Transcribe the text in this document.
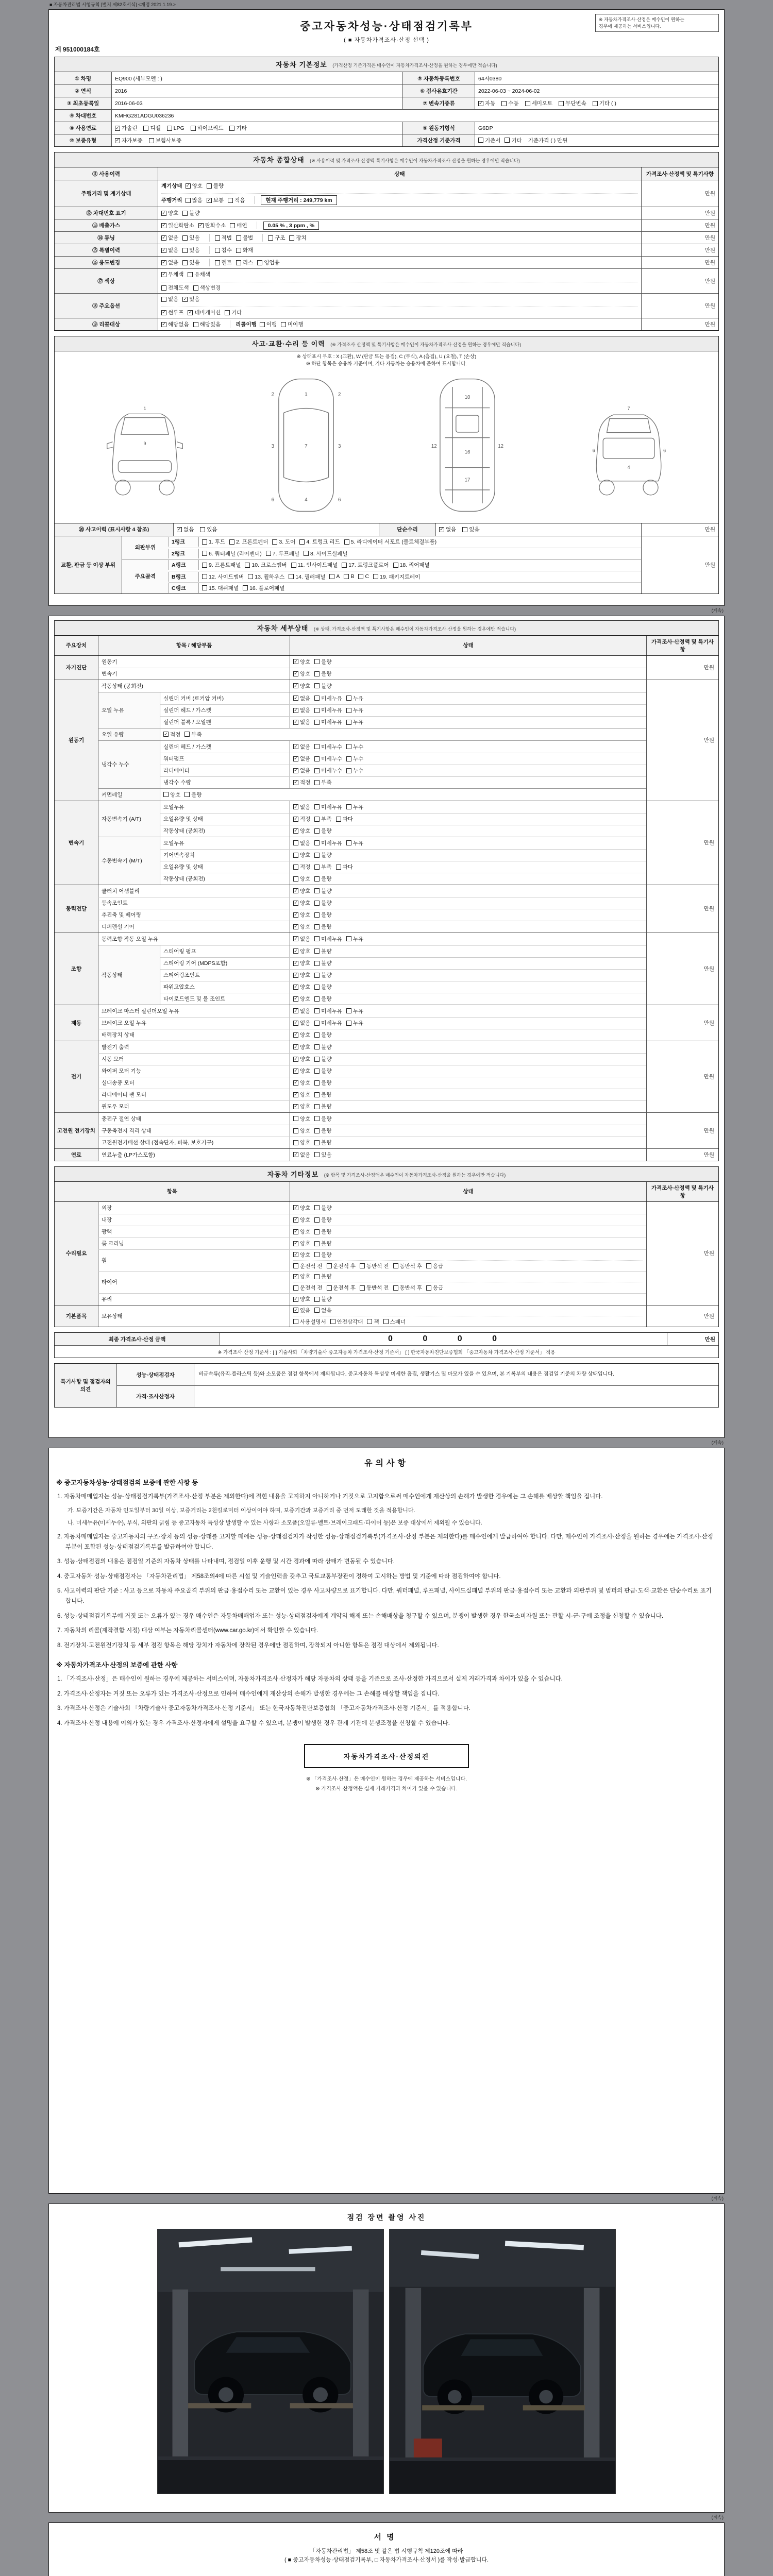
■ 자동차관리법 시행규칙 [별지 제82호서식] <개정 2021.1.19.>
중고자동차성능·상태점검기록부
( ■ 자동차가격조사·산정 선택 )
※ 자동차가격조사·산정은 매수인이 원하는
경우에 제공하는 서비스입니다.
제 951000184호
자동차 기본정보 (가격산정 기준가격은 매수인이 자동차가격조사·산정을 원하는 경우에만 적습니다)
① 차명	EQ900 (세부모델 : )	⑤ 자동차등록번호	64저0380
② 연식	2016	⑥ 검사유효기간	2022-06-03 ~ 2024-06-02
③ 최초등록일	2016-06-03	⑦ 변속기종류 ✓	자동 수동 세미오토 무단변속 기타 ( )
④ 차대번호	KMHG281ADGU036236
⑧ 사용연료 ✓	가솔린 디젤 LPG 하이브리드 기타	⑨ 원동기형식	G6DP
⑩ 보증유형 ✓	자가보증 보험사보증	가격산정 기준가격	기준서 기타 기준가격 ( ) 만원
자동차 종합상태 (※ 사용이력 및 가격조사·산정액·특기사항은 매수인이 자동차가격조사·산정을 원하는 경우에만 적습니다)
⑪ 사용이력	상태	가격조사·산정액 및 특기사항
주행거리 및 계기상태
계기상태 ✓ 양호 불량
주행거리 많음 ✓ 보통 적음	현재 주행거리 : 249,779 km
만원
⑫ 차대번호 표기 ✓	양호 불량	만원
⑬ 배출가스 ✓	일산화탄소 ✓ 탄화수소 매연	0.05 % , 3 ppm , %	만원
⑭ 튜닝 ✓	없음 있음	적법 불법	구조 장치	만원
⑮ 특별이력 ✓	없음 있음	침수 화재	만원
⑯ 용도변경 ✓	없음 있음	렌트 리스 영업용	만원
⑰ 색상
✓
무채색 유채색
전체도색 색상변경
만원
⑱ 주요옵션
없음 ✓ 있음
✓
썬루프 ✓ 네비게이션 기타
만원
⑲ 리콜대상 ✓	해당없음 해당있음	리콜이행 이행 미이행	만원
사고·교환·수리 등 이력 (※ 가격조사·산정액 및 특기사항은 매수인이 자동차가격조사·산정을 원하는 경우에만 적습니다)
※ 상태표시 부호 : X (교환), W (판금 또는 용접), C (부식), A (흠집), U (요철), T (손상)
※ 하단 항목은 승용차 기준이며, 기타 자동차는 승용차에 준하여 표시합니다.
1
9
1
7
4
3	3
2	2
6	6
10
16
17
12	12
7
4
6	6
⑳ 사고이력 (표시사항 4 참조) ✓	없음 있음	단순수리 ✓	없음 있음	만원
교환, 판금 등 이상 부위
외판부위
1랭크	1. 후드 2. 프론트펜더 3. 도어 4. 트렁크 리드 5. 라디에이터 서포트 (볼트체결부품)
2랭크	6. 쿼터패널 (리어펜더) 7. 루프패널 8. 사이드실패널
주요골격
A랭크	9. 프론트패널 10. 크로스멤버 11. 인사이드패널 17. 트렁크플로어 18. 리어패널
B랭크	12. 사이드멤버 13. 휠하우스 14. 필러패널 A B C 19. 패키지트레이
C랭크	15. 대쉬패널 16. 플로어패널
만원
(계속)
자동차 세부상태 (※ 상태, 가격조사·산정액 및 특기사항은 매수인이 자동차가격조사·산정을 원하는 경우에만 적습니다)
주요장치	항목 / 해당부품	상태
가격조사·산정액 및 특기사항
자기진단
원동기 ✓	양호 불량
변속기 ✓	양호 불량
만원
원동기
작동상태 (공회전) ✓	양호 불량
오일 누유
실린더 커버 (로커암 커버) ✓	없음 미세누유 누유
실린더 헤드 / 가스켓 ✓	없음 미세누유 누유
실린더 블록 / 오일팬 ✓	없음 미세누유 누유
오일 유량 ✓	적정 부족
냉각수 누수
실린더 헤드 / 가스켓 ✓	없음 미세누수 누수
워터펌프 ✓	없음 미세누수 누수
라디에이터 ✓	없음 미세누수 누수
냉각수 수량 ✓	적정 부족
커먼레일	양호 불량
만원
변속기
자동변속기 (A/T)
오일누유 ✓	없음 미세누유 누유
오일유량 및 상태 ✓	적정 부족 과다
작동상태 (공회전) ✓	양호 불량
수동변속기 (M/T)
오일누유	없음 미세누유 누유
기어변속장치	양호 불량
오일유량 및 상태	적정 부족 과다
작동상태 (공회전)	양호 불량
만원
동력전달
클러치 어셈블리 ✓	양호 불량
등속조인트 ✓	양호 불량
추진축 및 베어링 ✓	양호 불량
디퍼렌셜 기어 ✓	양호 불량
만원
조향
동력조향 작동 오일 누유 ✓	없음 미세누유 누유
작동상태
스티어링 펌프 ✓	양호 불량
스티어링 기어 (MDPS포함) ✓	양호 불량
스티어링조인트 ✓	양호 불량
파워고압호스 ✓	양호 불량
타이로드엔드 및 볼 조인트 ✓	양호 불량
만원
제동
브레이크 마스터 실린더오일 누유 ✓	없음 미세누유 누유
브레이크 오일 누유 ✓	없음 미세누유 누유
배력장치 상태 ✓	양호 불량
만원
전기
발전기 출력 ✓	양호 불량
시동 모터 ✓	양호 불량
와이퍼 모터 기능 ✓	양호 불량
실내송풍 모터 ✓	양호 불량
라디에이터 팬 모터 ✓	양호 불량
윈도우 모터 ✓	양호 불량
만원
고전원 전기장치
충전구 절연 상태	양호 불량
구동축전지 격리 상태	양호 불량
고전원전기배선 상태 (접속단자, 피복, 보호기구)	양호 불량
만원
연료	연료누출 (LP가스포함) ✓	없음 있음	만원
자동차 기타정보 (※ 항목 및 가격조사·산정액은 매수인이 자동차가격조사·산정을 원하는 경우에만 적습니다)
항목	상태
가격조사·산정액 및 특기사항
수리필요
외장 ✓	양호 불량
내장 ✓	양호 불량
광택 ✓	양호 불량
룸 크리닝 ✓	양호 불량
휠
✓
양호 불량
운전석 전 운전석 후 동반석 전 동반석 후 응급
타이어
✓
양호 불량
운전석 전 운전석 후 동반석 전 동반석 후 응급
유리 ✓	양호 불량
만원
기본품목	보유상태
✓
있음 없음
사용설명서 안전삼각대 잭 스패너
만원
최종 가격조사·산정 금액	0 0 0 0	만원
※ 가격조사·산정 기준서 : [ ] 기술사회 「차량기술사 중고자동차 가격조사·산정 기준서」 [ ] 한국자동차진단보증협회 「중고자동차 가격조사·산정 기준서」 적용
특기사항 및 점검자의 의견
성능·상태점검자	비금속류(유리·플라스틱 등)와 소모품은 점검 항목에서 제외됩니다. 중고자동차 특성상 미세한 흠집, 생활기스 및 마모가 있을 수 있으며, 본 기록부의 내용은 점검일 기준의 차량 상태입니다.
가격·조사산정자
(계속)
유의사항

※ 중고자동차성능·상태점검의 보증에 관한 사항 등

1. 자동차매매업자는 성능·상태점검기록부(가격조사·산정 부분은 제외한다)에 적힌 내용을 고지하지 아니하거나 거짓으로 고지함으로써 매수인에게 재산상의 손해가 발생한 경우에는 그 손해를 배상할 책임을 집니다.

가. 보증기간은 자동차 인도일부터 30일 이상, 보증거리는 2천킬로미터 이상이어야 하며, 보증기간과 보증거리 중 먼저 도래한 것을 적용합니다.

나. 미세누유(미세누수), 부식, 외판의 긁힘 등 중고자동차 특성상 발생할 수 있는 사항과 소모품(오일류·벨트·브레이크패드·타이어 등)은 보증 대상에서 제외될 수 있습니다.

2. 자동차매매업자는 중고자동차의 구조·장치 등의 성능·상태를 고지할 때에는 성능·상태점검자가 작성한 성능·상태점검기록부(가격조사·산정 부분은 제외한다)를 매수인에게 발급하여야 합니다. 다만, 매수인이 가격조사·산정을 원하는 경우에는 가격조사·산정 부분이 포함된 성능·상태점검기록부를 발급하여야 합니다.

3. 성능·상태점검의 내용은 점검일 기준의 자동차 상태를 나타내며, 점검일 이후 운행 및 시간 경과에 따라 상태가 변동될 수 있습니다.

4. 중고자동차 성능·상태점검자는 「자동차관리법」 제58조의4에 따른 시설 및 기술인력을 갖추고 국토교통부장관이 정하여 고시하는 방법 및 기준에 따라 점검하여야 합니다.

5. 사고이력의 판단 기준 : 사고 등으로 자동차 주요골격 부위의 판금·용접수리 또는 교환이 있는 경우 사고차량으로 표기합니다. 다만, 쿼터패널, 루프패널, 사이드실패널 부위의 판금·용접수리 또는 교환과 외판부위 및 범퍼의 판금·도색·교환은 단순수리로 표기합니다.

6. 성능·상태점검기록부에 거짓 또는 오류가 있는 경우 매수인은 자동차매매업자 또는 성능·상태점검자에게 계약의 해제 또는 손해배상을 청구할 수 있으며, 분쟁이 발생한 경우 한국소비자원 또는 관할 시·군·구에 조정을 신청할 수 있습니다.

7. 자동차의 리콜(제작결함 시정) 대상 여부는 자동차리콜센터(www.car.go.kr)에서 확인할 수 있습니다.

8. 전기장치·고전원전기장치 등 세부 점검 항목은 해당 장치가 자동차에 장착된 경우에만 점검하며, 장착되지 아니한 항목은 점검 대상에서 제외됩니다.

※ 자동차가격조사·산정의 보증에 관한 사항

1. 「가격조사·산정」은 매수인이 원하는 경우에 제공하는 서비스이며, 자동차가격조사·산정자가 해당 자동차의 상태 등을 기준으로 조사·산정한 가격으로서 실제 거래가격과 차이가 있을 수 있습니다.

2. 가격조사·산정자는 거짓 또는 오류가 있는 가격조사·산정으로 인하여 매수인에게 재산상의 손해가 발생한 경우에는 그 손해를 배상할 책임을 집니다.

3. 가격조사·산정은 기술사회 「차량기술사 중고자동차가격조사·산정 기준서」 또는 한국자동차진단보증협회 「중고자동차가격조사·산정 기준서」를 적용합니다.

4. 가격조사·산정 내용에 이의가 있는 경우 가격조사·산정자에게 설명을 요구할 수 있으며, 분쟁이 발생한 경우 관계 기관에 분쟁조정을 신청할 수 있습니다.

자동차가격조사·산정의견

※ 「가격조사·산정」은 매수인이 원하는 경우에 제공하는 서비스입니다.

※ 가격조사·산정액은 실제 거래가격과 차이가 있을 수 있습니다.

(계속)
점검 장면 촬영 사진
(계속)
서명

「자동차관리법」 제58조 및 같은 법 시행규칙 제120조에 따라

( ■ 중고자동차성능·상태점검기록부, □ 자동차가격조사·산정서 )를 작성·발급합니다.
